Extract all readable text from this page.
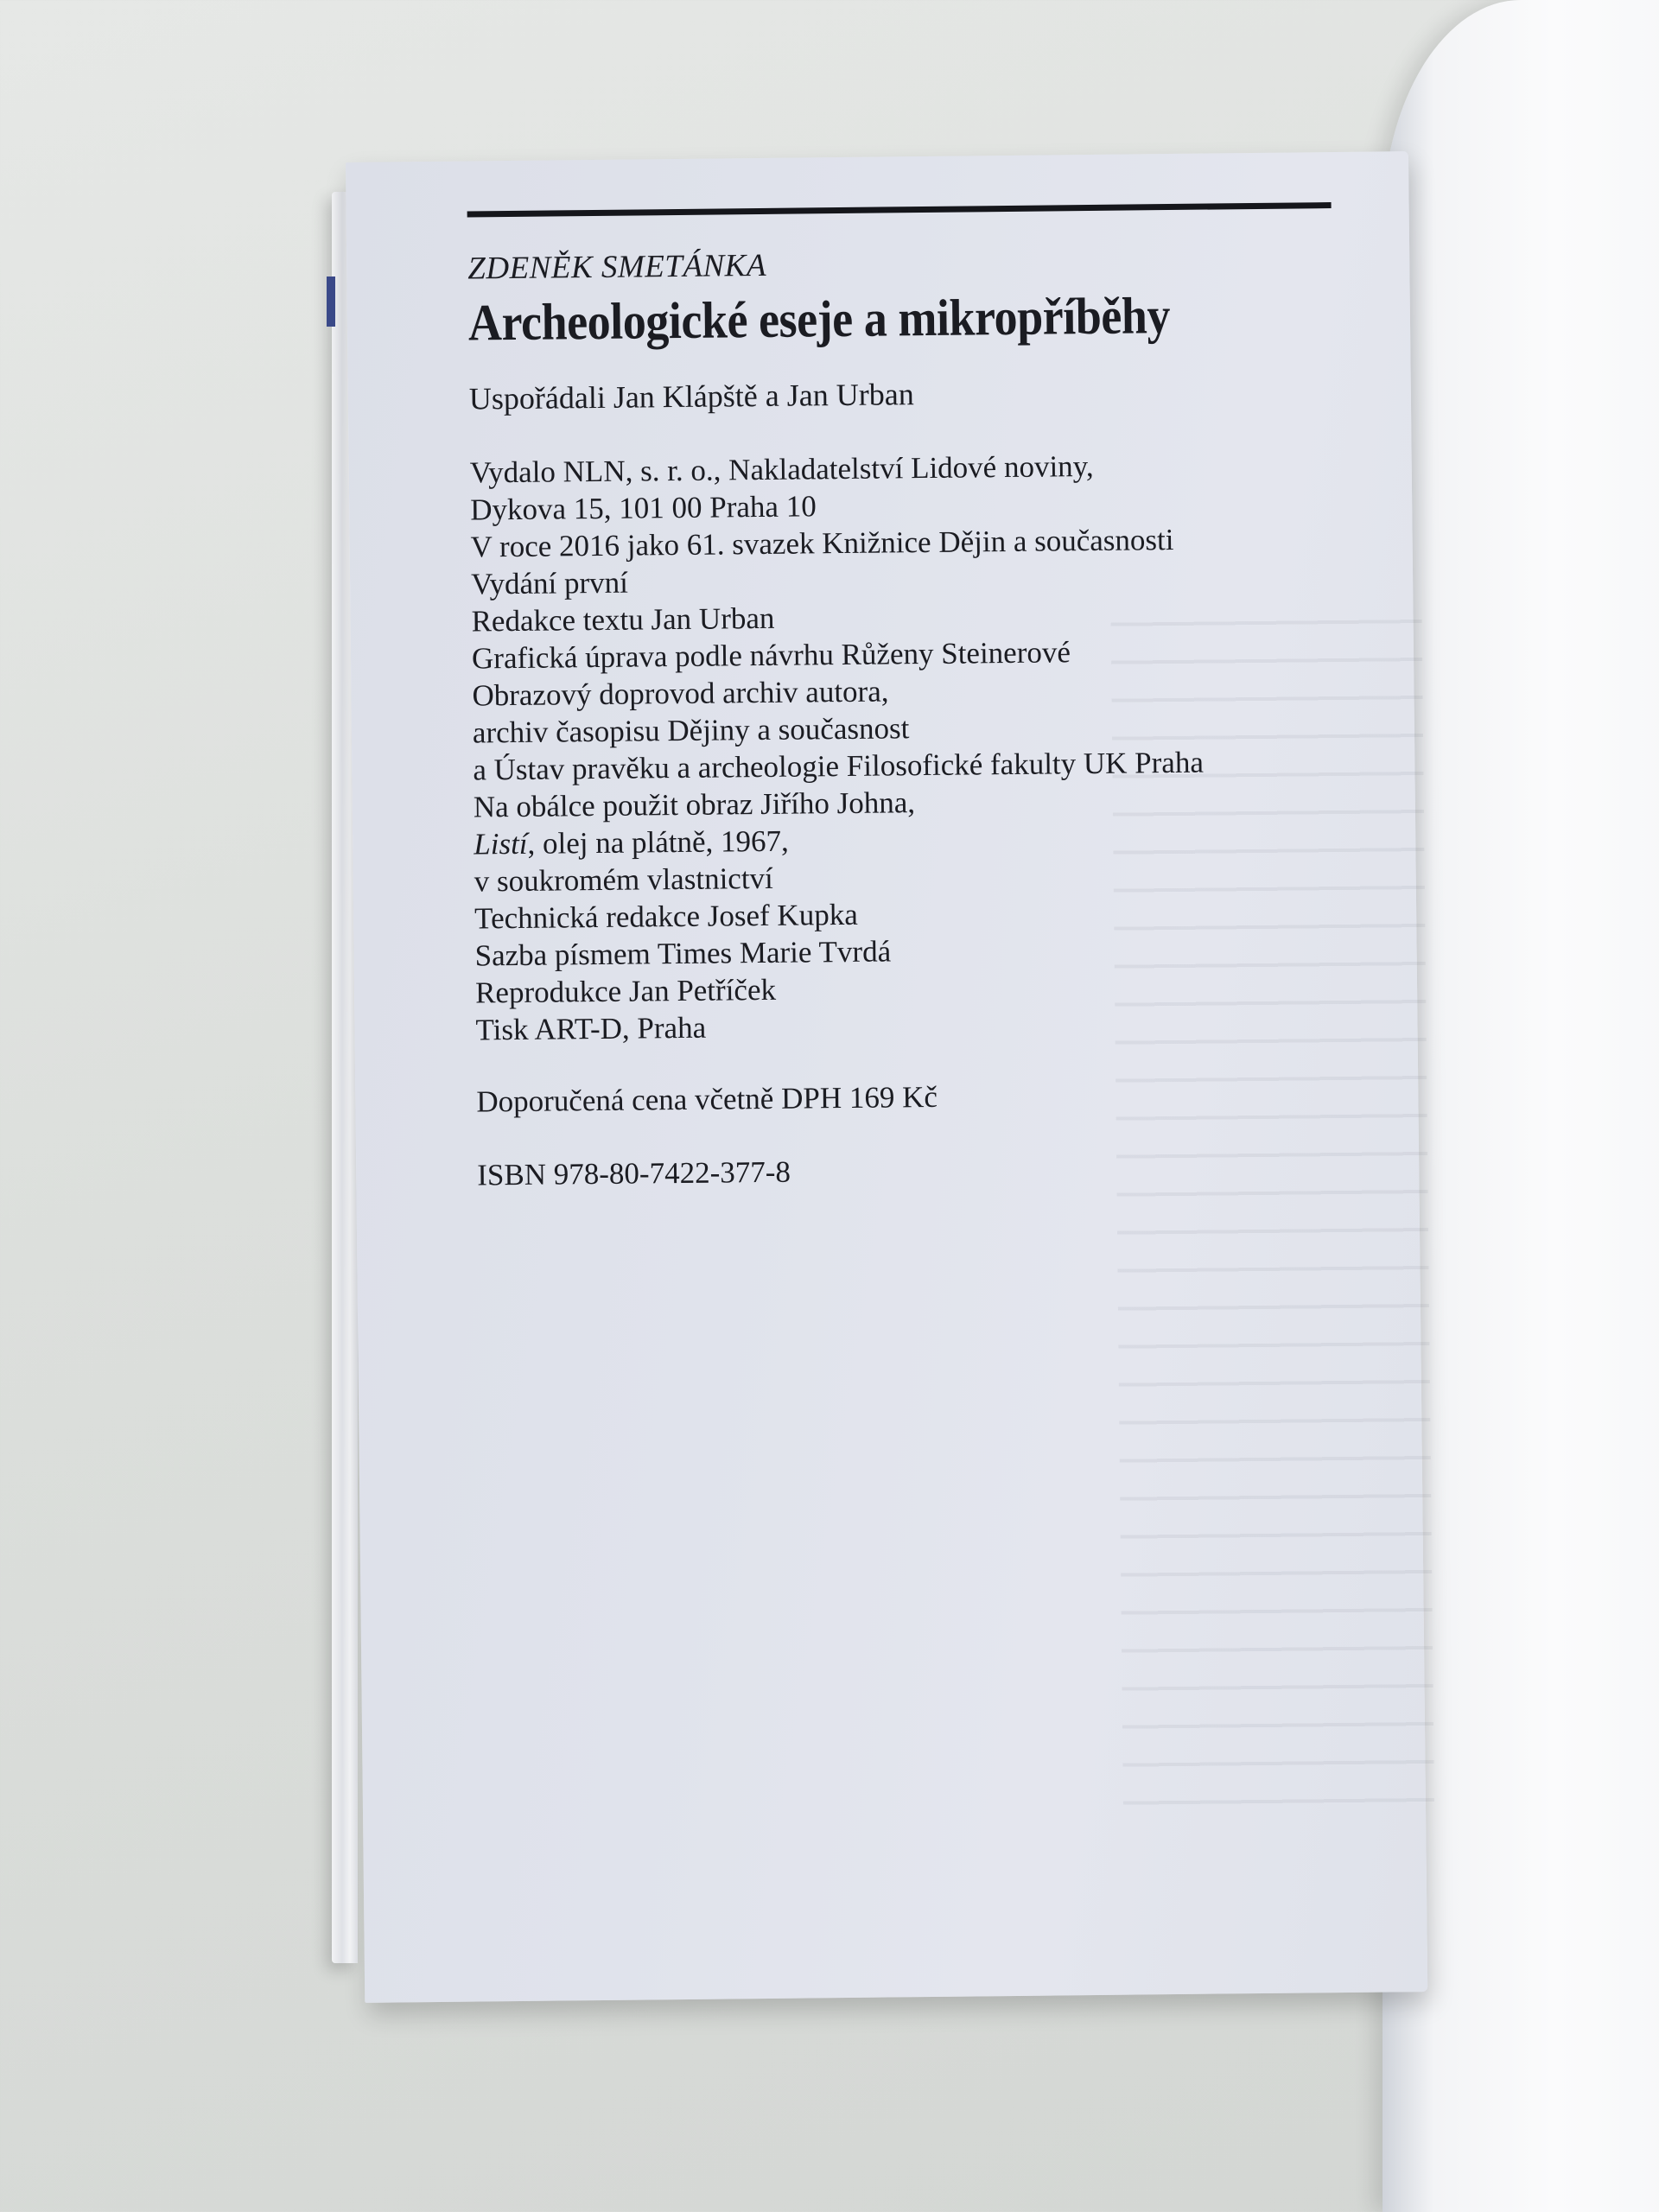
ZDENĚK SMETÁNKA

Archeologické eseje a mikropříběhy

Uspořádali Jan Klápště a Jan Urban

Vydalo NLN, s. r. o., Nakladatelství Lidové noviny,
Dykova 15, 101 00 Praha 10
V roce 2016 jako 61. svazek Knižnice Dějin a současnosti
Vydání první
Redakce textu Jan Urban
Grafická úprava podle návrhu Růženy Steinerové
Obrazový doprovod archiv autora,
archiv časopisu Dějiny a současnost
a Ústav pravěku a archeologie Filosofické fakulty UK Praha
Na obálce použit obraz Jiřího Johna,
Listí, olej na plátně, 1967,
v soukromém vlastnictví
Technická redakce Josef Kupka
Sazba písmem Times Marie Tvrdá
Reprodukce Jan Petříček
Tisk ART-D, Praha

Doporučená cena včetně DPH 169 Kč

ISBN 978-80-7422-377-8
